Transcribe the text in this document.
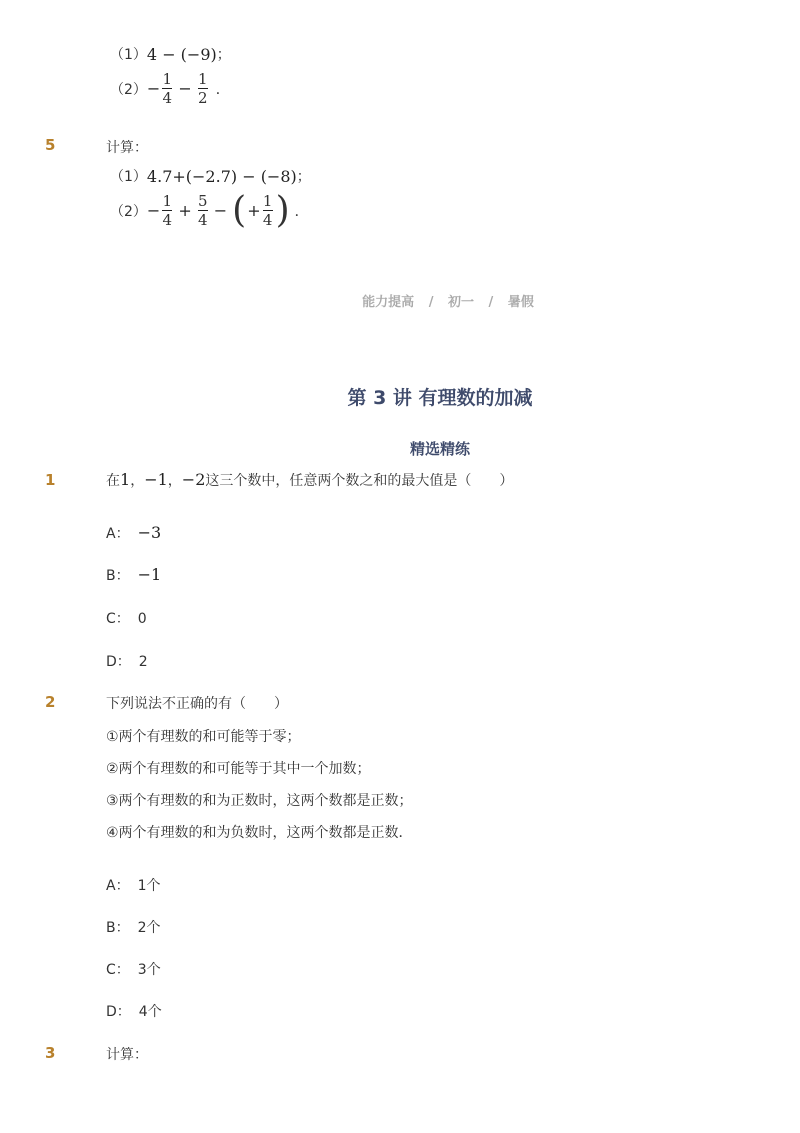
（1） 4 − (−9) ；
$(2) - \frac{1}{4} - \frac{1}{2}$ ．
5	计算：
（1） 4.7+(−2.7) − (−8) ；
$(2) - \frac{1}{4} + \frac{5}{4}$ − ( + $\frac{1}{4}$ ) ．
能力提高 / 初一 / 暑假
第 3 讲 有理数的加减
精选精练
1	在1，−1，−2这三个数中，任意两个数之和的最大值是（　　）
A： −3
B： −1
C： 0
D： 2
2	下列说法不正确的有（　　）
①两个有理数的和可能等于零；
②两个有理数的和可能等于其中一个加数；
③两个有理数的和为正数时，这两个数都是正数；
④两个有理数的和为负数时，这两个数都是正数．
A： 1个
B： 2个
C： 3个
D： 4个
3	计算：
